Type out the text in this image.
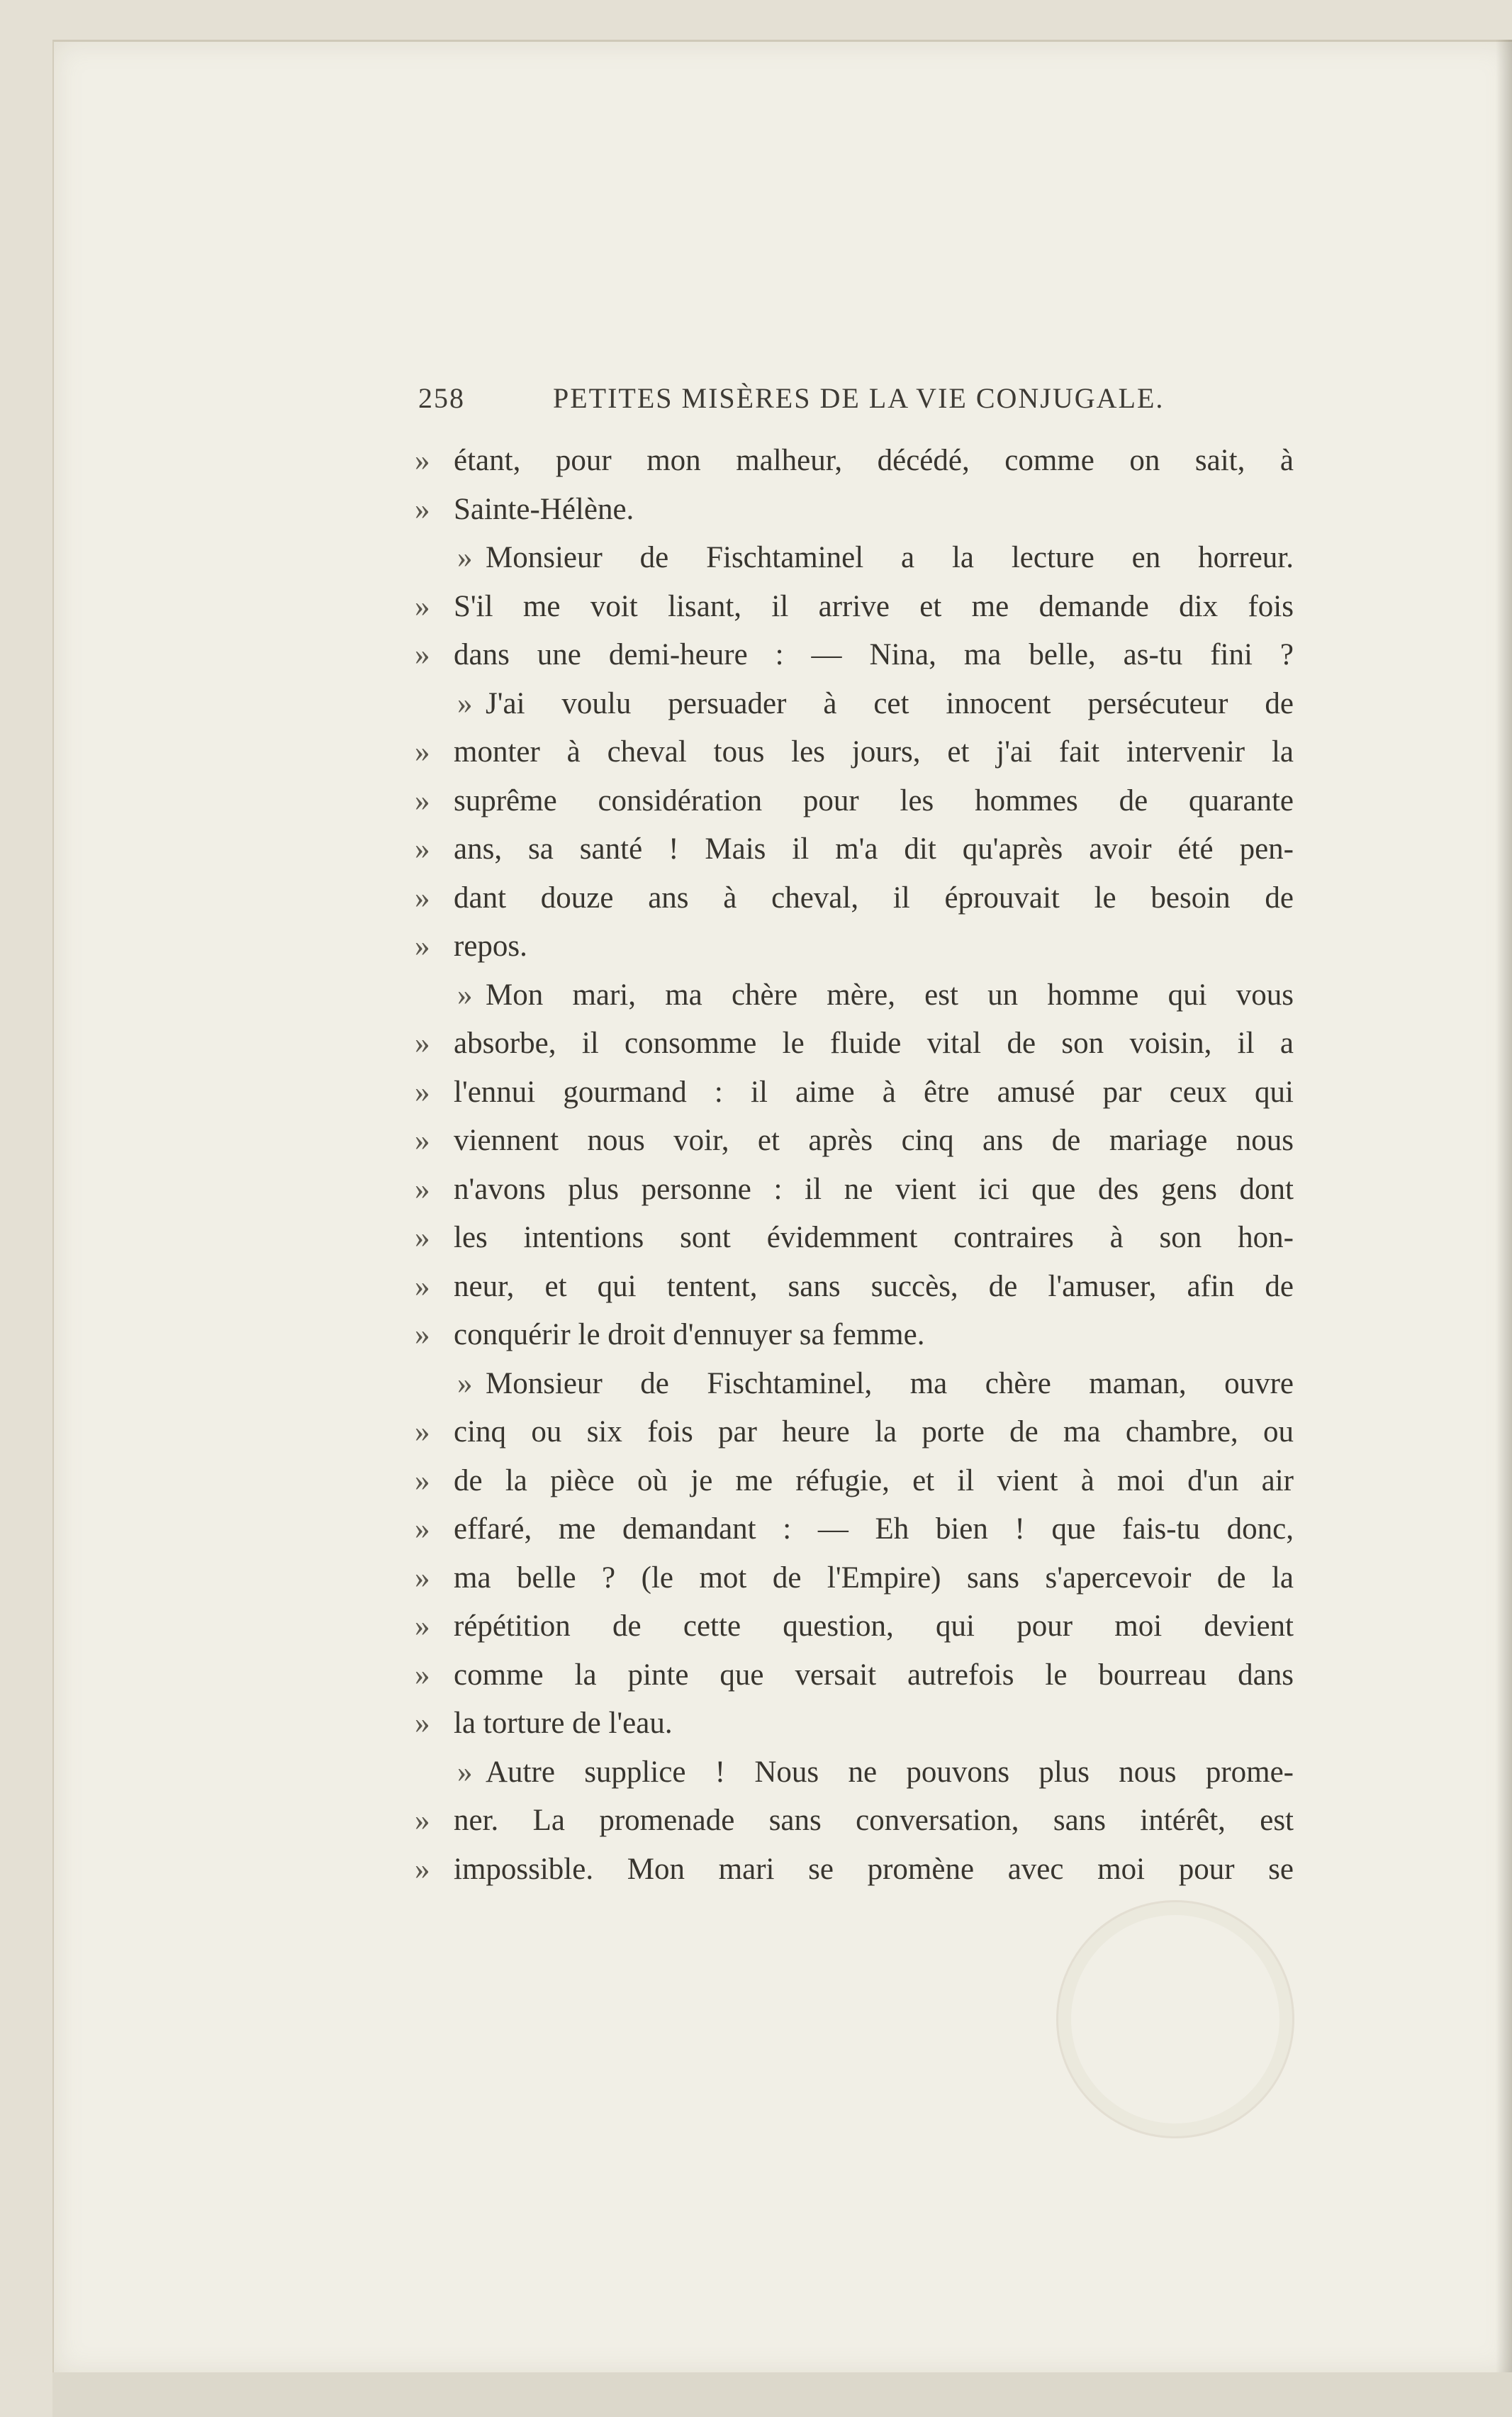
258	PETITES MISÈRES DE LA VIE CONJUGALE.
» étant, pour mon malheur, décédé, comme on sait, à
» Sainte-Hélène.
» Monsieur de Fischtaminel a la lecture en horreur.
» S'il me voit lisant, il arrive et me demande dix fois
» dans une demi-heure : — Nina, ma belle, as-tu fini ?
» J'ai voulu persuader à cet innocent persécuteur de
» monter à cheval tous les jours, et j'ai fait intervenir la
» suprême considération pour les hommes de quarante
» ans, sa santé ! Mais il m'a dit qu'après avoir été pen-
» dant douze ans à cheval, il éprouvait le besoin de
» repos.
» Mon mari, ma chère mère, est un homme qui vous
» absorbe, il consomme le fluide vital de son voisin, il a
» l'ennui gourmand : il aime à être amusé par ceux qui
» viennent nous voir, et après cinq ans de mariage nous
» n'avons plus personne : il ne vient ici que des gens dont
» les intentions sont évidemment contraires à son hon-
» neur, et qui tentent, sans succès, de l'amuser, afin de
» conquérir le droit d'ennuyer sa femme.
» Monsieur de Fischtaminel, ma chère maman, ouvre
» cinq ou six fois par heure la porte de ma chambre, ou
» de la pièce où je me réfugie, et il vient à moi d'un air
» effaré, me demandant : — Eh bien ! que fais-tu donc,
» ma belle ? (le mot de l'Empire) sans s'apercevoir de la
» répétition de cette question, qui pour moi devient
» comme la pinte que versait autrefois le bourreau dans
» la torture de l'eau.
» Autre supplice ! Nous ne pouvons plus nous prome-
» ner. La promenade sans conversation, sans intérêt, est
» impossible. Mon mari se promène avec moi pour se
